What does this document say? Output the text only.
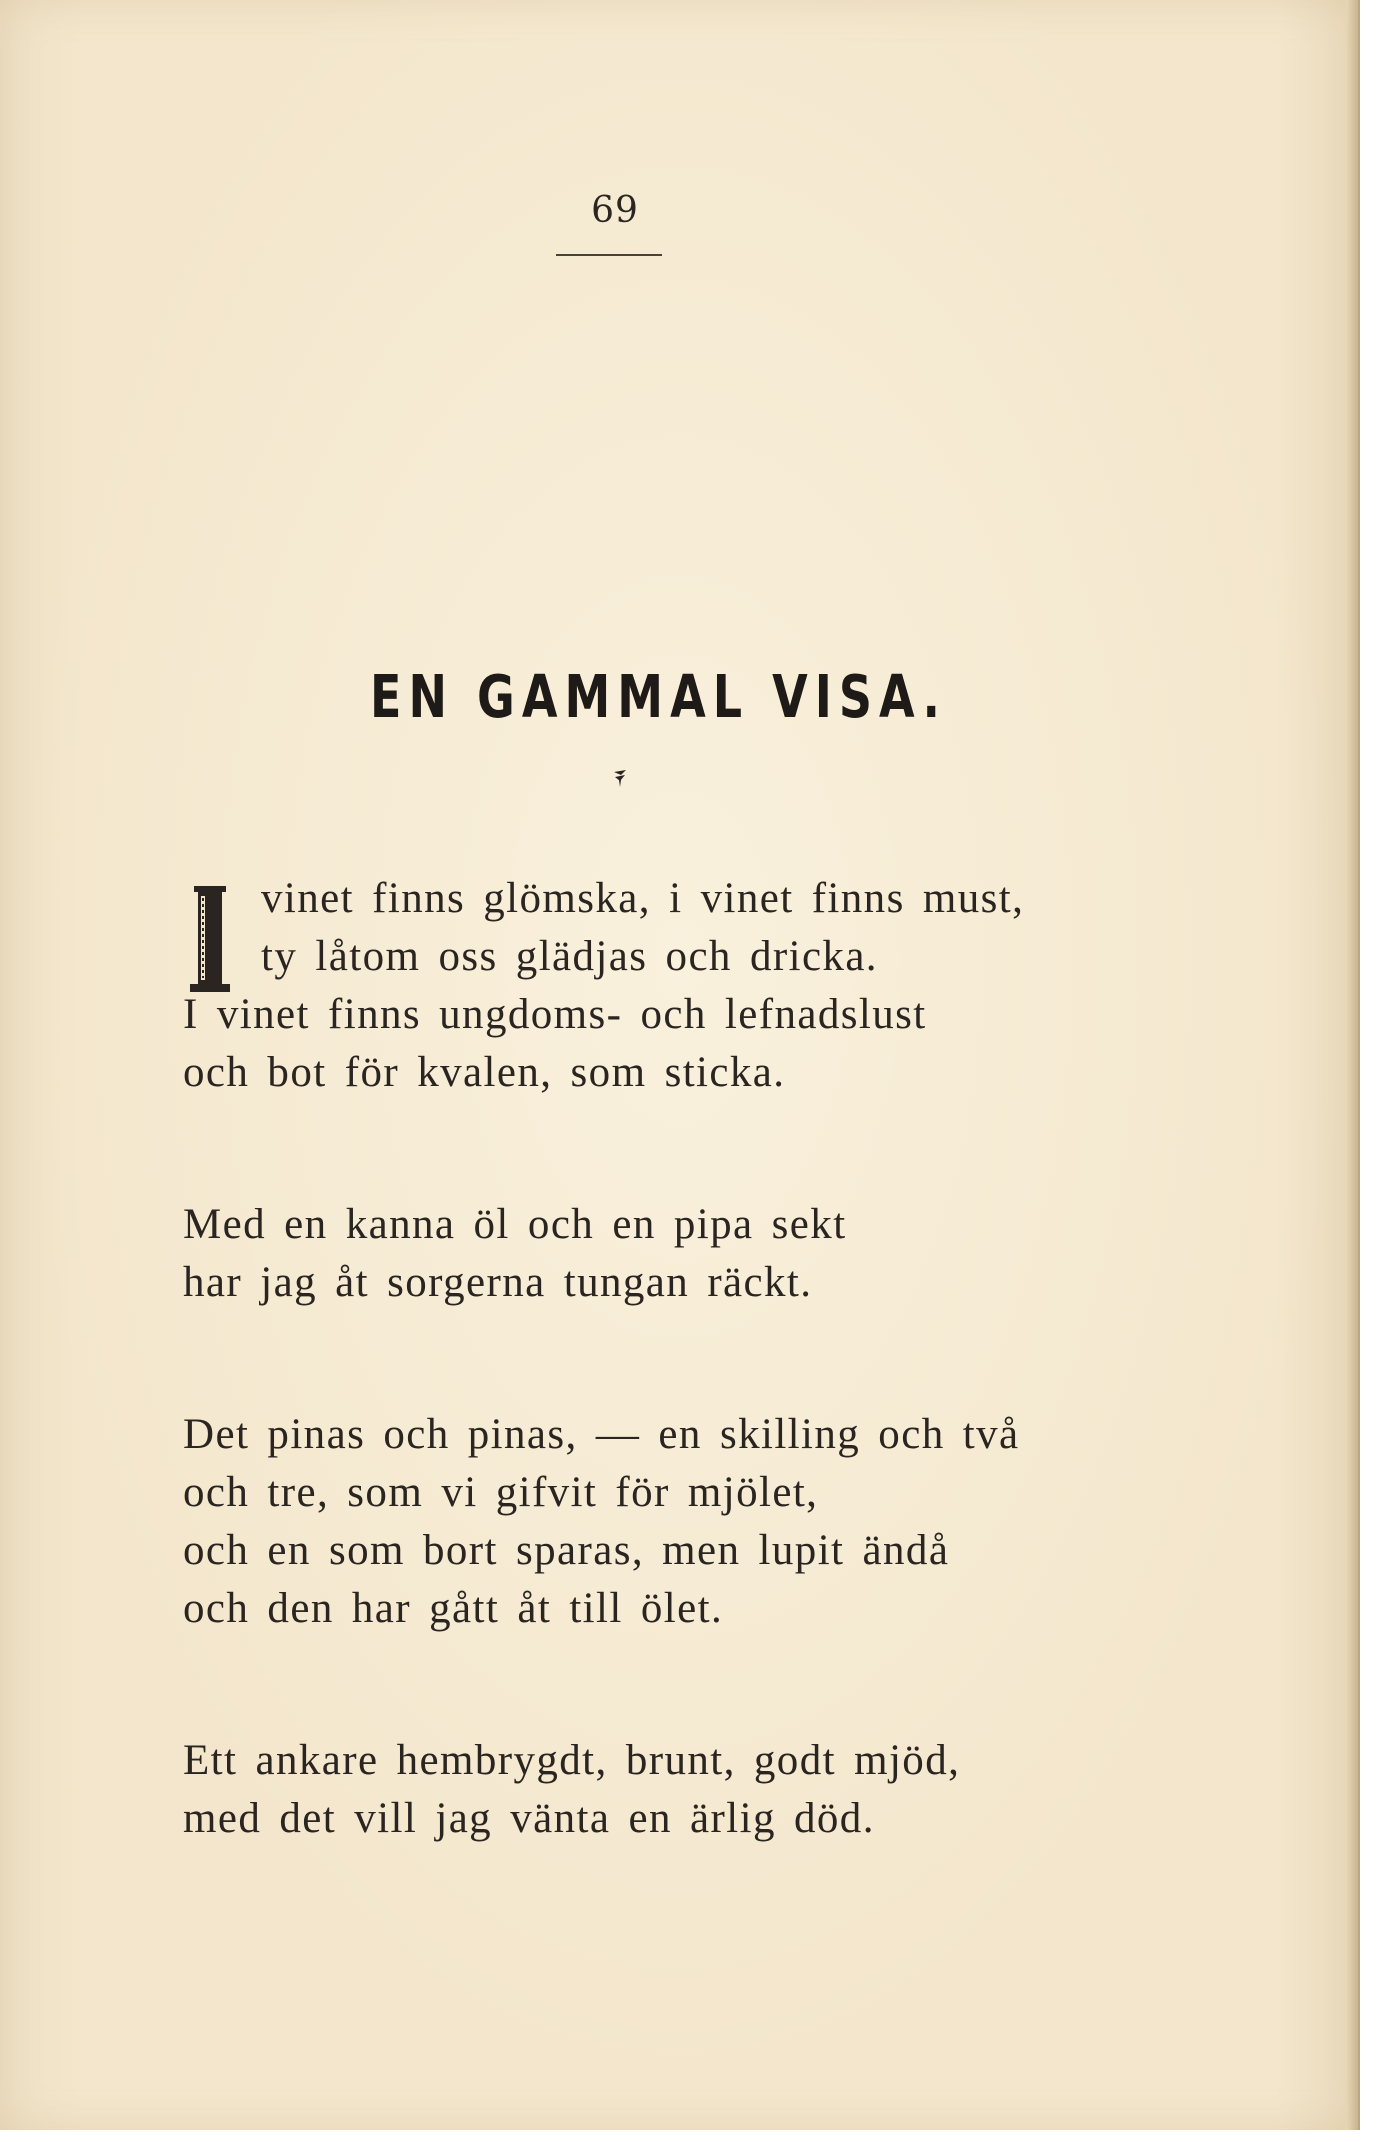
69
EN GAMMAL VISA.
vinet finns glömska, i vinet finns must,
ty låtom oss glädjas och dricka.
I vinet finns ungdoms- och lefnadslust
och bot för kvalen, som sticka.
Med en kanna öl och en pipa sekt
har jag åt sorgerna tungan räckt.
Det pinas och pinas, — en skilling och två
och tre, som vi gifvit för mjölet,
och en som bort sparas, men lupit ändå
och den har gått åt till ölet.
Ett ankare hembrygdt, brunt, godt mjöd,
med det vill jag vänta en ärlig död.
